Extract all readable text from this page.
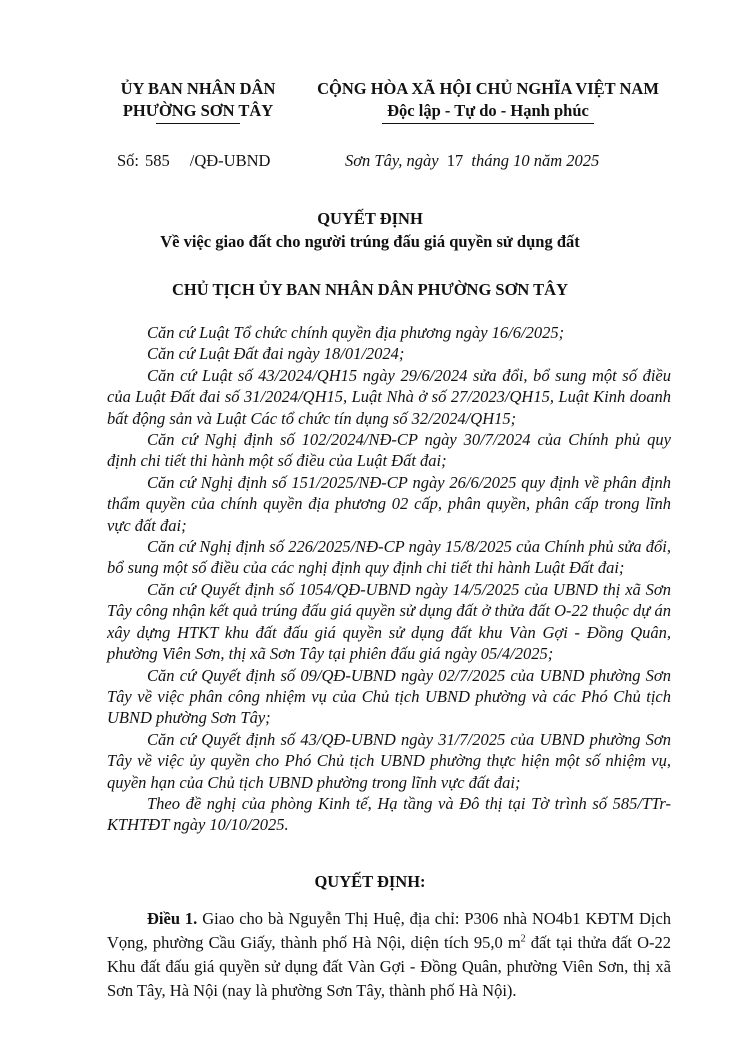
ỦY BAN NHÂN DÂN
PHƯỜNG SƠN TÂY
CỘNG HÒA XÃ HỘI CHỦ NGHĨA VIỆT NAM
Độc lập - Tự do - Hạnh phúc
Số: 585 /QĐ-UBND	Sơn Tây, ngày 17 tháng 10 năm 2025
QUYẾT ĐỊNH
Về việc giao đất cho người trúng đấu giá quyền sử dụng đất
CHỦ TỊCH ỦY BAN NHÂN DÂN PHƯỜNG SƠN TÂY

Căn cứ Luật Tổ chức chính quyền địa phương ngày 16/6/2025;

Căn cứ Luật Đất đai ngày 18/01/2024;

Căn cứ Luật số 43/2024/QH15 ngày 29/6/2024 sửa đổi, bổ sung một số điều của Luật Đất đai số 31/2024/QH15, Luật Nhà ở số 27/2023/QH15, Luật Kinh doanh bất động sản và Luật Các tổ chức tín dụng số 32/2024/QH15;

Căn cứ Nghị định số 102/2024/NĐ-CP ngày 30/7/2024 của Chính phủ quy định chi tiết thi hành một số điều của Luật Đất đai;

Căn cứ Nghị định số 151/2025/NĐ-CP ngày 26/6/2025 quy định về phân định thẩm quyền của chính quyền địa phương 02 cấp, phân quyền, phân cấp trong lĩnh vực đất đai;

Căn cứ Nghị định số 226/2025/NĐ-CP ngày 15/8/2025 của Chính phủ sửa đổi, bổ sung một số điều của các nghị định quy định chi tiết thi hành Luật Đất đai;

Căn cứ Quyết định số 1054/QĐ-UBND ngày 14/5/2025 của UBND thị xã Sơn Tây công nhận kết quả trúng đấu giá quyền sử dụng đất ở thửa đất O-22 thuộc dự án xây dựng HTKT khu đất đấu giá quyền sử dụng đất khu Vàn Gợi - Đồng Quân, phường Viên Sơn, thị xã Sơn Tây tại phiên đấu giá ngày 05/4/2025;

Căn cứ Quyết định số 09/QĐ-UBND ngày 02/7/2025 của UBND phường Sơn Tây về việc phân công nhiệm vụ của Chủ tịch UBND phường và các Phó Chủ tịch UBND phường Sơn Tây;

Căn cứ Quyết định số 43/QĐ-UBND ngày 31/7/2025 của UBND phường Sơn Tây về việc ủy quyền cho Phó Chủ tịch UBND phường thực hiện một số nhiệm vụ, quyền hạn của Chủ tịch UBND phường trong lĩnh vực đất đai;

Theo đề nghị của phòng Kinh tế, Hạ tầng và Đô thị tại Tờ trình số 585/TTr-KTHTĐT ngày 10/10/2025.

QUYẾT ĐỊNH:

Điều 1. Giao cho bà Nguyễn Thị Huệ, địa chỉ: P306 nhà NO4b1 KĐTM Dịch Vọng, phường Cầu Giấy, thành phố Hà Nội, diện tích 95,0 $m^2$ đất tại thửa đất O-22 Khu đất đấu giá quyền sử dụng đất Vàn Gợi - Đồng Quân, phường Viên Sơn, thị xã Sơn Tây, Hà Nội (nay là phường Sơn Tây, thành phố Hà Nội).
